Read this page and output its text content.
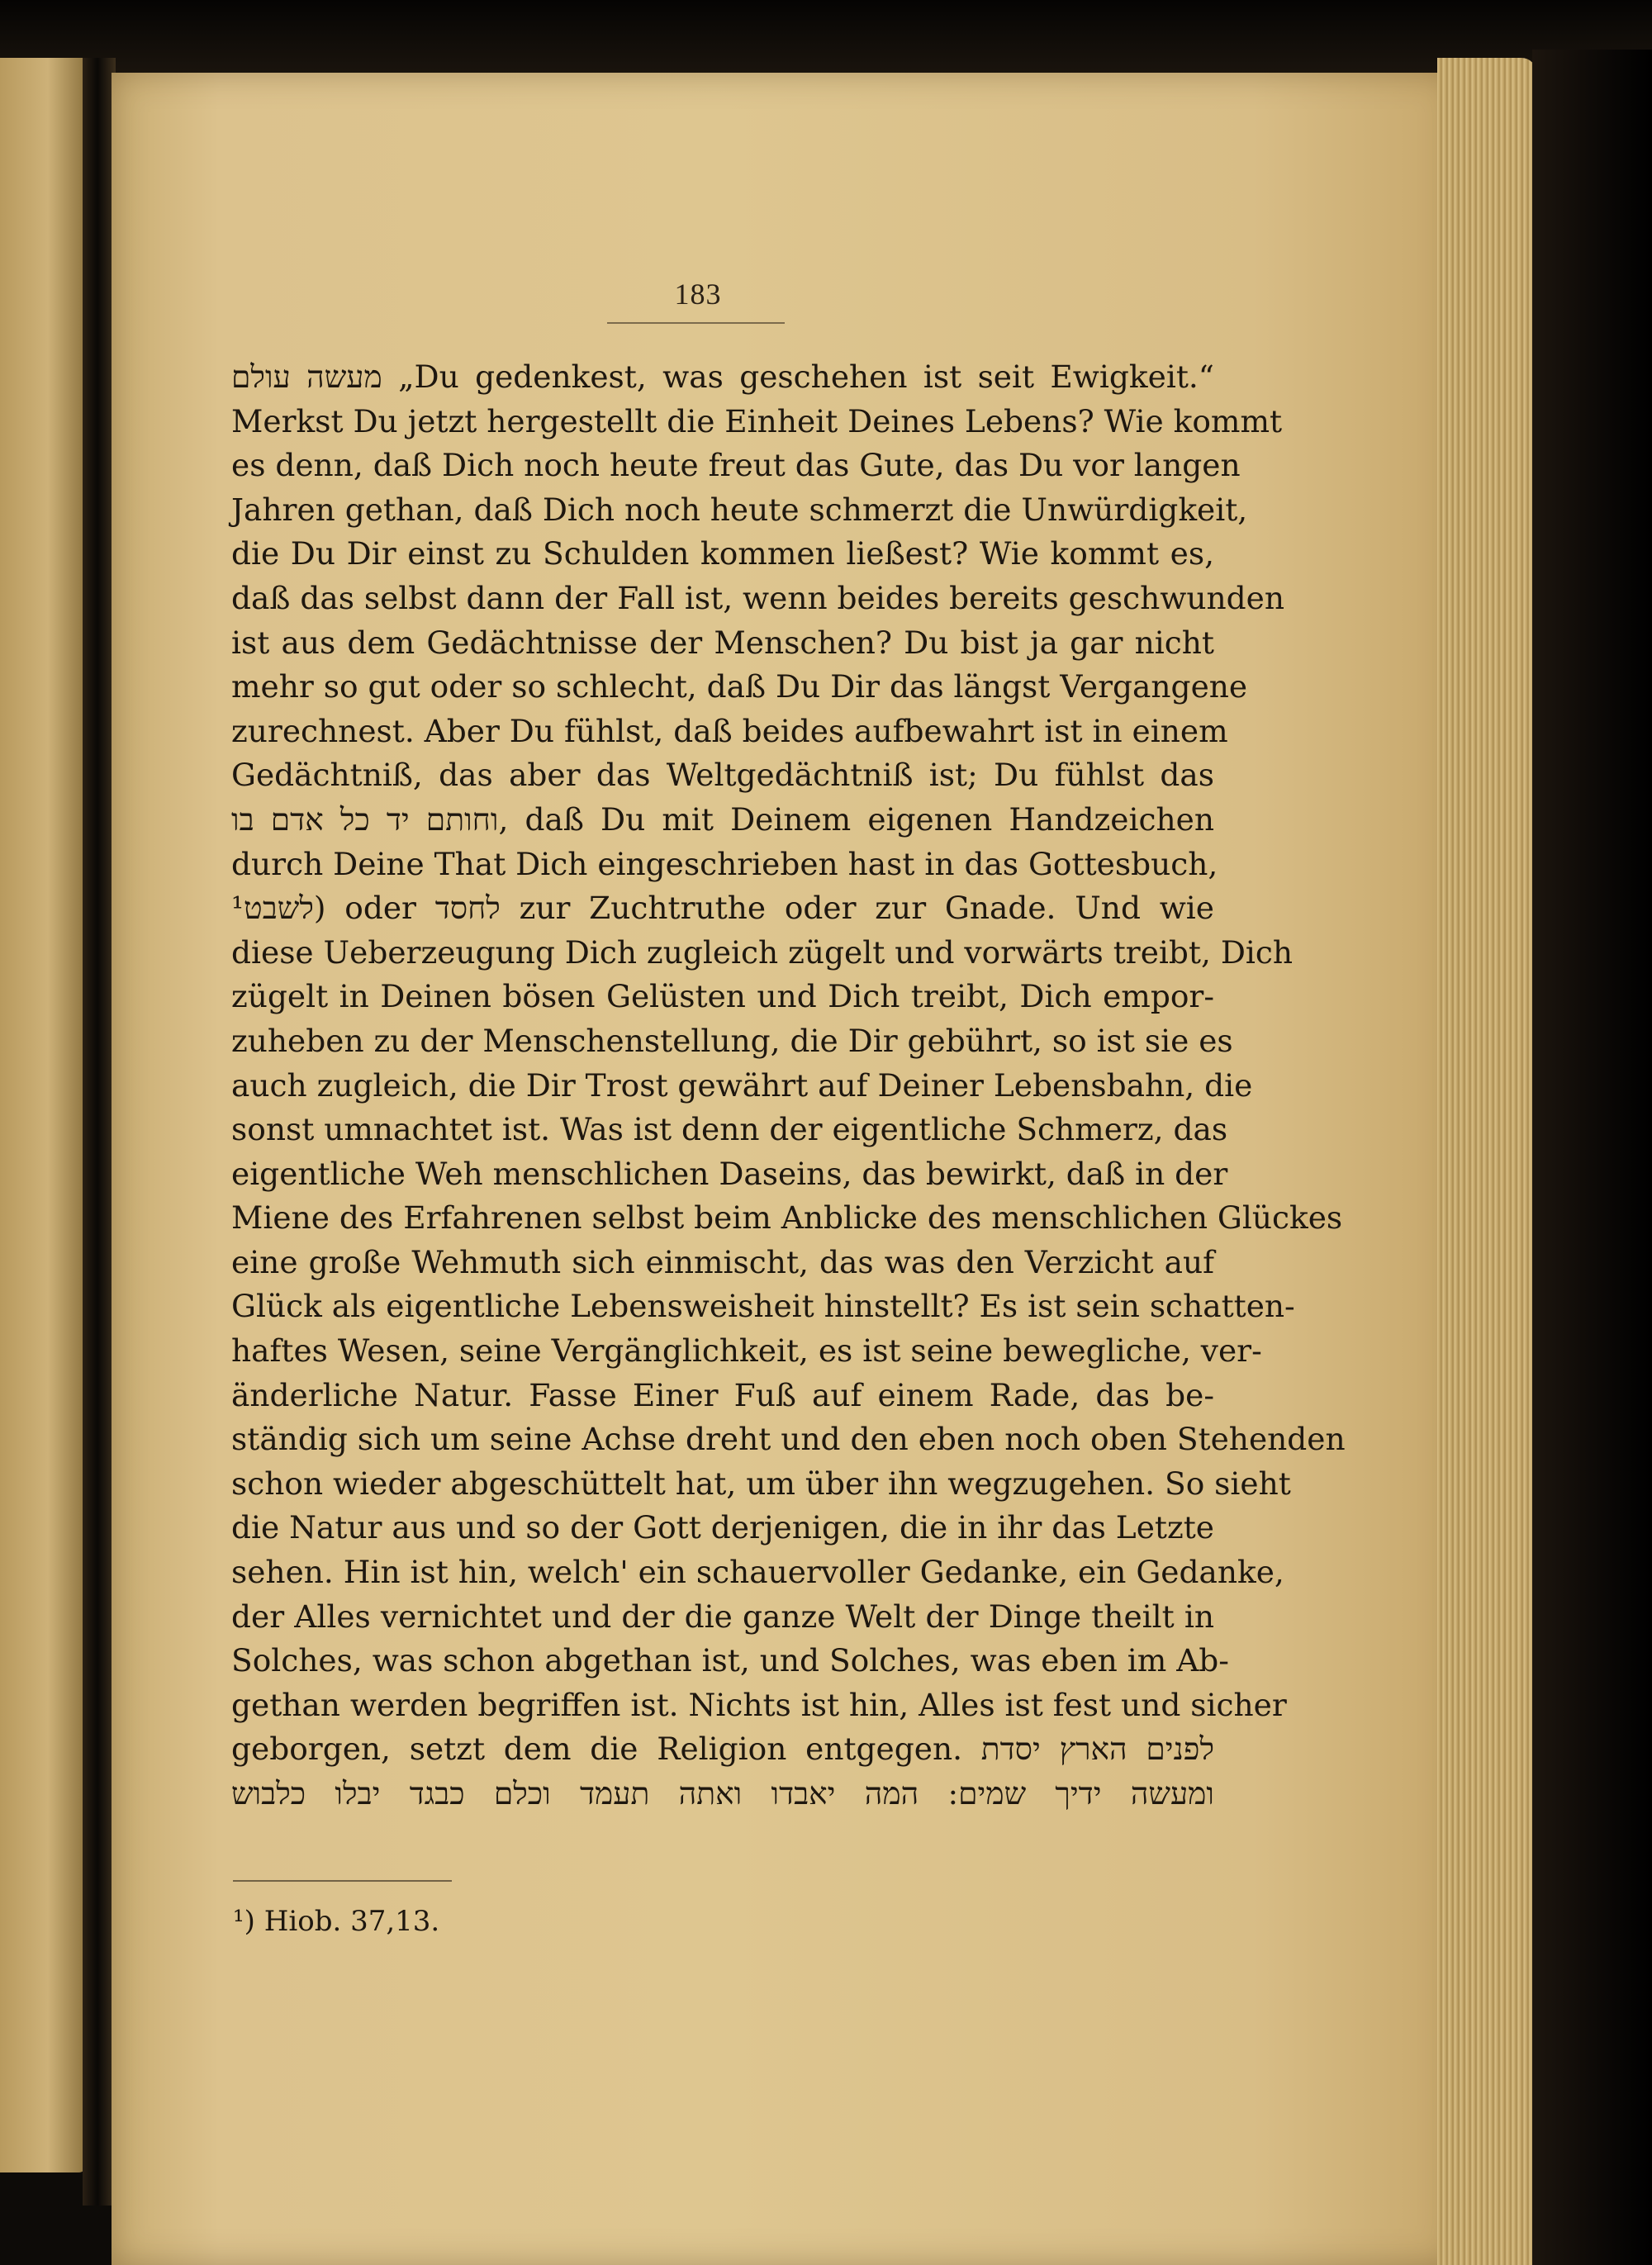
183
מעשה עולם „Du gedenkest, was geschehen ist seit Ewigkeit.“
Merkst Du jetzt hergestellt die Einheit Deines Lebens? Wie kommt
es denn, daß Dich noch heute freut das Gute, das Du vor langen
Jahren gethan, daß Dich noch heute schmerzt die Unwürdigkeit,
die Du Dir einst zu Schulden kommen ließest? Wie kommt es,
daß das selbst dann der Fall ist, wenn beides bereits geschwunden
ist aus dem Gedächtnisse der Menschen? Du bist ja gar nicht
mehr so gut oder so schlecht, daß Du Dir das längst Vergangene
zurechnest. Aber Du fühlst, daß beides aufbewahrt ist in einem
Gedächtniß, das aber das Weltgedächtniß ist; Du fühlst das
וחותם יד כל אדם בו, daß Du mit Deinem eigenen Handzeichen
durch Deine That Dich eingeschrieben hast in das Gottesbuch,
לשבט¹) oder לחסד zur Zuchtruthe oder zur Gnade. Und wie
diese Ueberzeugung Dich zugleich zügelt und vorwärts treibt, Dich
zügelt in Deinen bösen Gelüsten und Dich treibt, Dich empor-
zuheben zu der Menschenstellung, die Dir gebührt, so ist sie es
auch zugleich, die Dir Trost gewährt auf Deiner Lebensbahn, die
sonst umnachtet ist. Was ist denn der eigentliche Schmerz, das
eigentliche Weh menschlichen Daseins, das bewirkt, daß in der
Miene des Erfahrenen selbst beim Anblicke des menschlichen Glückes
eine große Wehmuth sich einmischt, das was den Verzicht auf
Glück als eigentliche Lebensweisheit hinstellt? Es ist sein schatten-
haftes Wesen, seine Vergänglichkeit, es ist seine bewegliche, ver-
änderliche Natur. Fasse Einer Fuß auf einem Rade, das be-
ständig sich um seine Achse dreht und den eben noch oben Stehenden
schon wieder abgeschüttelt hat, um über ihn wegzugehen. So sieht
die Natur aus und so der Gott derjenigen, die in ihr das Letzte
sehen. Hin ist hin, welch' ein schauervoller Gedanke, ein Gedanke,
der Alles vernichtet und der die ganze Welt der Dinge theilt in
Solches, was schon abgethan ist, und Solches, was eben im Ab-
gethan werden begriffen ist. Nichts ist hin, Alles ist fest und sicher
geborgen, setzt dem die Religion entgegen. לפנים הארץ יסדת
ומעשה ידיך שמים: המה יאבדו ואתה תעמד וכלם כבגד יבלו כלבוש
¹) Hiob. 37,13.
